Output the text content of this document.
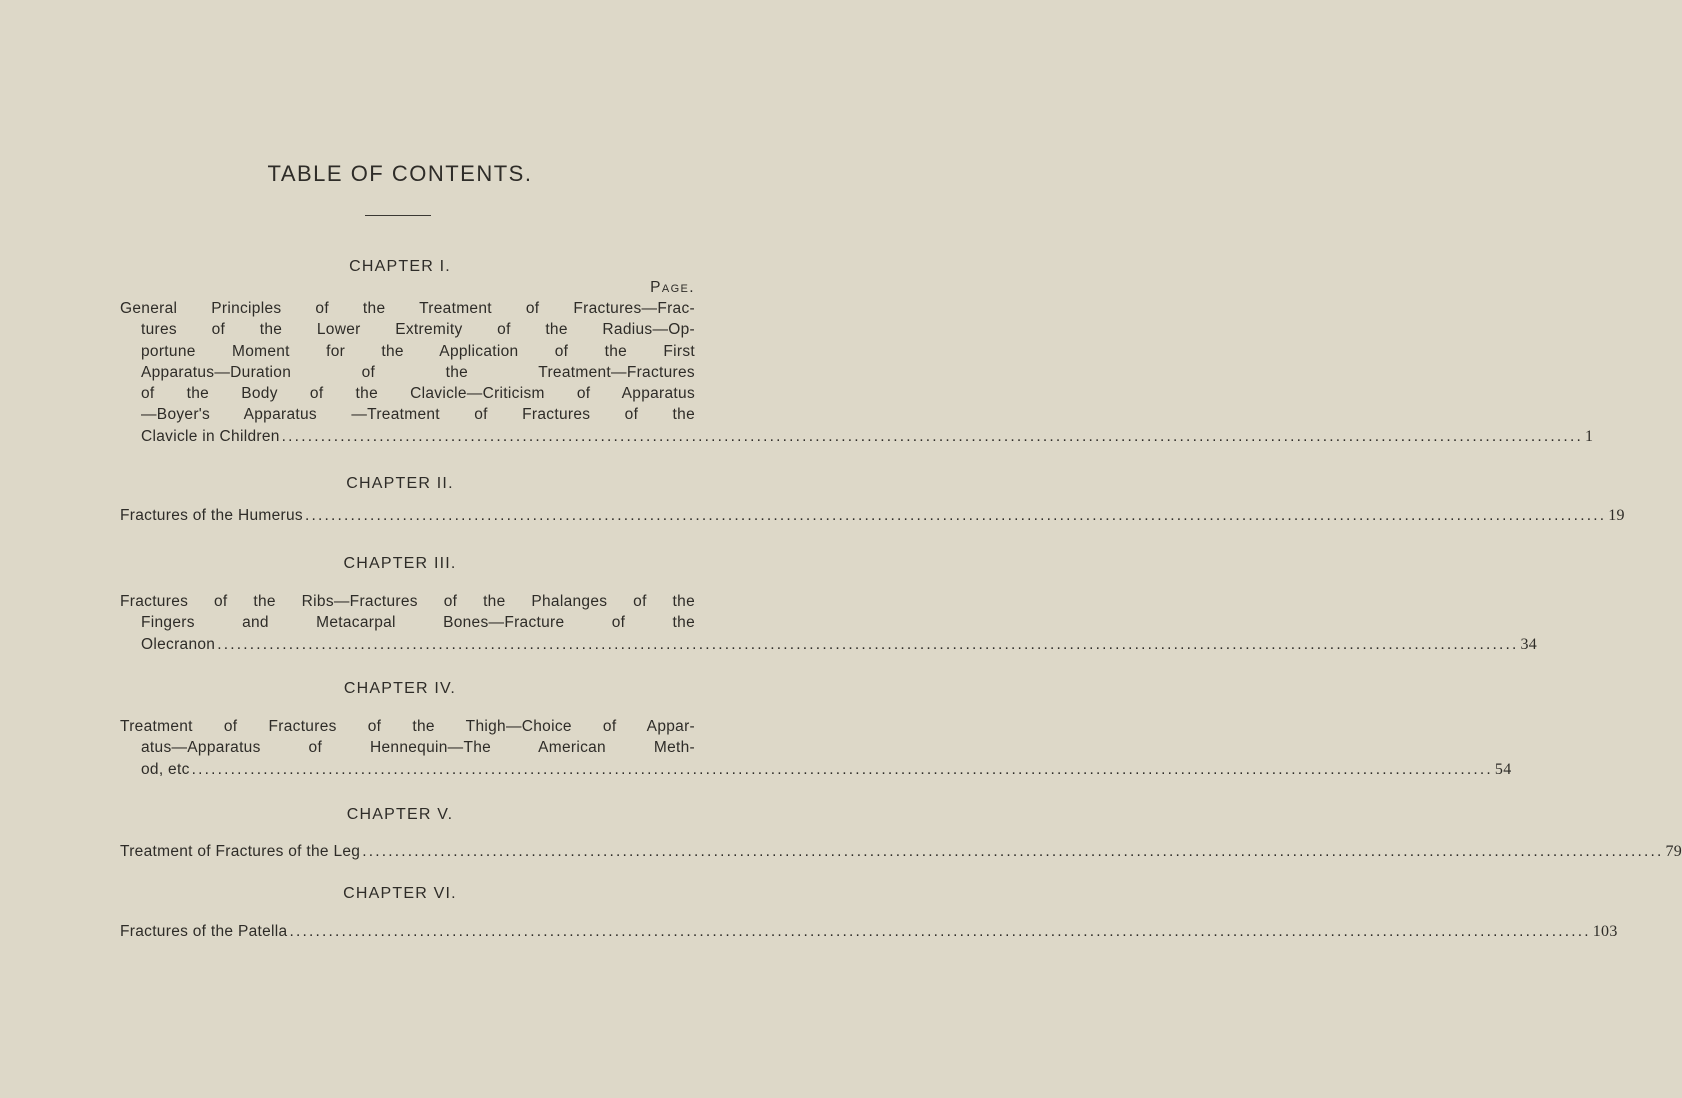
TABLE OF CONTENTS.
CHAPTER I.
Page.
General Principles of the Treatment of Fractures—Frac-
tures of the Lower Extremity of the Radius—Op-
portune Moment for the Application of the First
Apparatus—Duration of the Treatment—Fractures
of the Body of the Clavicle—Criticism of Apparatus
—Boyer's Apparatus —Treatment of Fractures of the
Clavicle in Children ........................................................................................................................................................................................................ 1
CHAPTER II.
Fractures of the Humerus ........................................................................................................................................................................................................ 19
CHAPTER III.
Fractures of the Ribs—Fractures of the Phalanges of the
Fingers and Metacarpal Bones—Fracture of the
Olecranon ........................................................................................................................................................................................................ 34
CHAPTER IV.
Treatment of Fractures of the Thigh—Choice of Appar-
atus—Apparatus of Hennequin—The American Meth-
od, etc ........................................................................................................................................................................................................ 54
CHAPTER V.
Treatment of Fractures of the Leg ........................................................................................................................................................................................................ 79
CHAPTER VI.
Fractures of the Patella ........................................................................................................................................................................................................ 103
